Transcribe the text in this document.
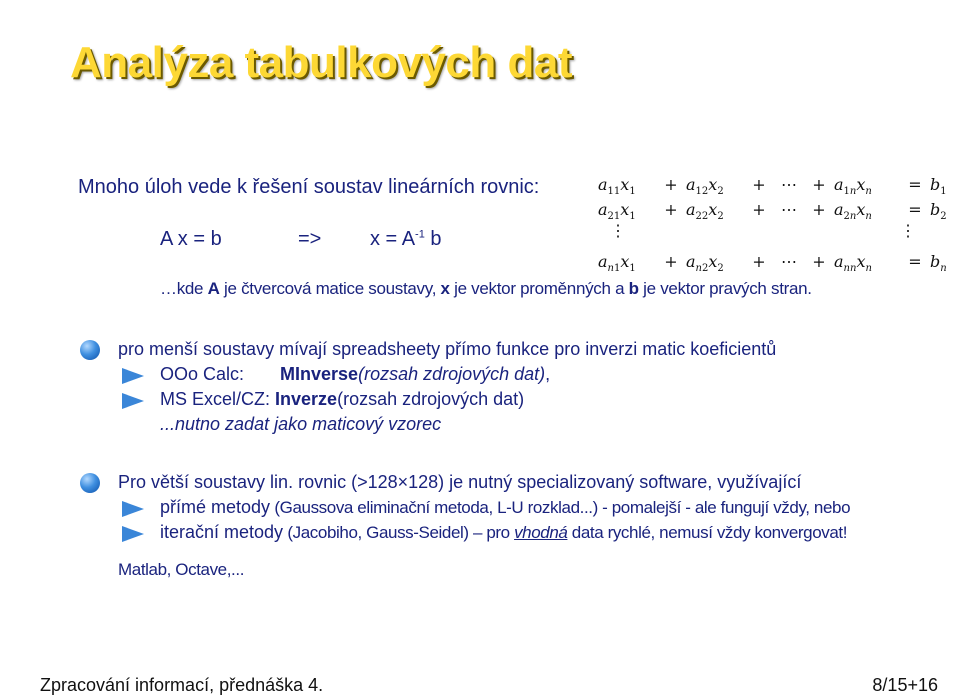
Analýza tabulkových dat
Mnoho úloh vede k řešení soustav lineárních rovnic:	$a_{11}x_1 + a_{12}x_2$ + ⋯ + $a_{1n}x_n = b_1$
$a_{21}x_1 + a_{22}x_2$ + ⋯ + $a_{2n}x_n = b_2$
⋮	⋮
$a_{n1}x_1 + a_{n2}x_2$ + ⋯ + $a_{nn}x_n = b_n$
A x = b	=> $x = A^{-1}$ b
…kde A je čtvercová matice soustavy, x je vektor proměnných a b je vektor pravých stran.
pro menší soustavy mívají spreadsheety přímo funkce pro inverzi matic koeficientů
OOo Calc: MInverse(rozsah zdrojových dat),
MS Excel/CZ: Inverze(rozsah zdrojových dat)
...nutno zadat jako maticový vzorec
Pro větší soustavy lin. rovnic (>128×128) je nutný specializovaný software, využívající
přímé metody (Gaussova eliminační metoda, L-U rozklad...) - pomalejší - ale fungují vždy, nebo
iterační metody (Jacobiho, Gauss-Seidel) – pro vhodná data rychlé, nemusí vždy konvergovat!
Matlab, Octave,...
Zpracování informací, přednáška 4.	8/15+16
